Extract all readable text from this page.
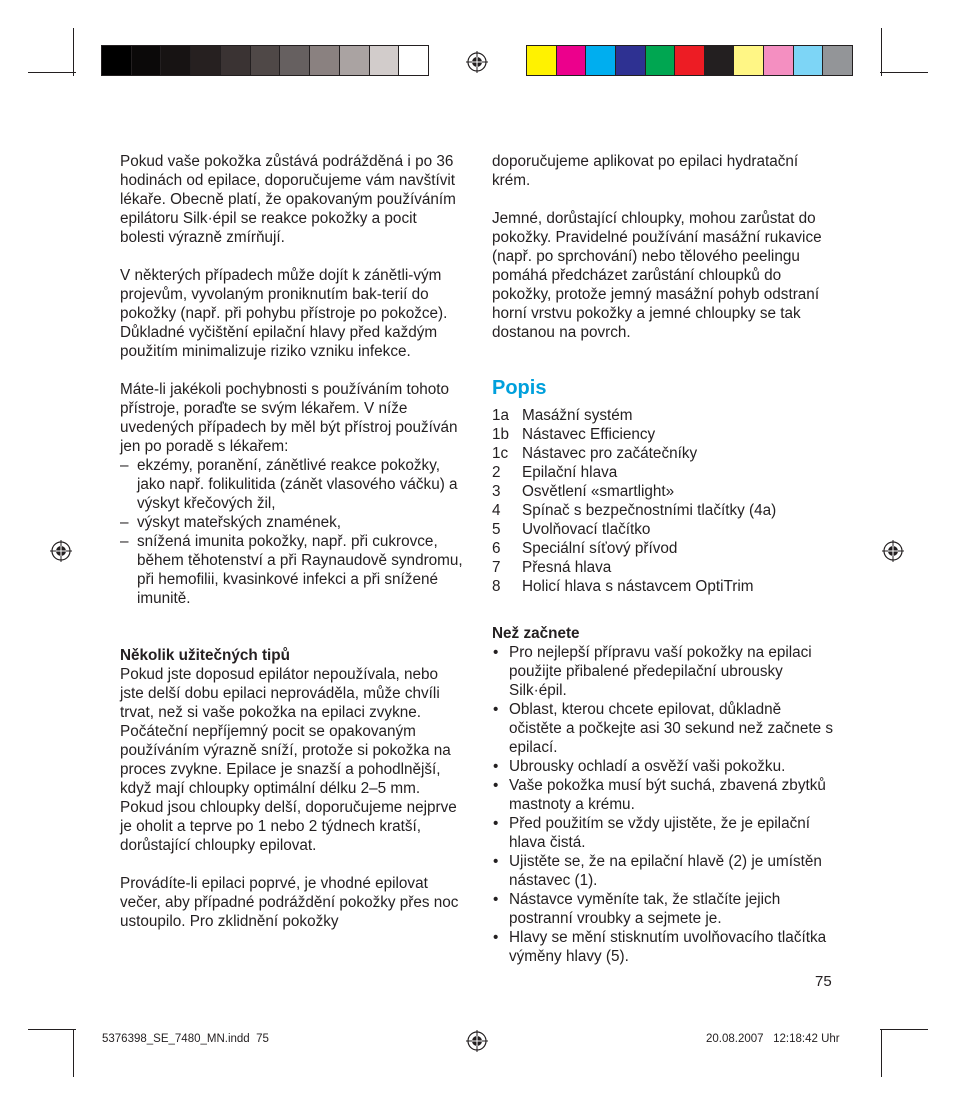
Pokud vaše pokožka zůstává podrážděná i po 36 hodinách od epilace, doporučujeme vám navštívit lékaře. Obecně platí, že opakovaným používáním epilátoru Silk·épil se reakce pokožky a pocit bolesti výrazně zmírňují.

V některých případech může dojít k zánětli-vým projevům, vyvolaným proniknutím bak-terií do pokožky (např. při pohybu přístroje po pokožce). Důkladné vyčištění epilační hlavy před každým použitím minimalizuje riziko vzniku infekce.

Máte-li jakékoli pochybnosti s používáním tohoto přístroje, poraďte se svým lékařem. V níže uvedených případech by měl být přístroj používán jen po poradě s lékařem:

– ekzémy, poranění, zánětlivé reakce pokožky, jako např. folikulitida (zánět vlasového váčku) a výskyt křečových žil,
– výskyt mateřských znamének,
– snížená imunita pokožky, např. při cukrovce, během těhotenství a při Raynaudově syndromu, při hemofilii, kvasinkové infekci a při snížené imunitě.

Několik užitečných tipů

Pokud jste doposud epilátor nepoužívala, nebo jste delší dobu epilaci neprováděla, může chvíli trvat, než si vaše pokožka na epilaci zvykne. Počáteční nepříjemný pocit se opakovaným používáním výrazně sníží, protože si pokožka na proces zvykne. Epilace je snazší a pohodlnější, když mají chloupky optimální délku 2–5 mm. Pokud jsou chloupky delší, doporučujeme nejprve je oholit a teprve po 1 nebo 2 týdnech kratší, dorůstající chloupky epilovat.

Provádíte-li epilaci poprvé, je vhodné epilovat večer, aby případné podráždění pokožky přes noc ustoupilo. Pro zklidnění pokožky

doporučujeme aplikovat po epilaci hydratační krém.

Jemné, dorůstající chloupky, mohou zarůstat do pokožky. Pravidelné používání masážní rukavice (např. po sprchování) nebo tělového peelingu pomáhá předcházet zarůstání chloupků do pokožky, protože jemný masážní pohyb odstraní horní vrstvu pokožky a jemné chloupky se tak dostanou na povrch.

Popis

1a Masážní systém
1b Nástavec Efficiency
1c Nástavec pro začátečníky
2	Epilační hlava
3	Osvětlení «smartlight»
4	Spínač s bezpečnostními tlačítky (4a)
5	Uvolňovací tlačítko
6	Speciální síťový přívod
7	Přesná hlava
8	Holicí hlava s nástavcem OptiTrim

Než začnete

• Pro nejlepší přípravu vaší pokožky na epilaci použijte přibalené předepilační ubrousky Silk·épil.
• Oblast, kterou chcete epilovat, důkladně očistěte a počkejte asi 30 sekund než začnete s epilací.
• Ubrousky ochladí a osvěží vaši pokožku.
• Vaše pokožka musí být suchá, zbavená zbytků mastnoty a krému.
• Před použitím se vždy ujistěte, že je epilační hlava čistá.
• Ujistěte se, že na epilační hlavě (2) je umístěn nástavec (1).
• Nástavce vyměníte tak, že stlačíte jejich postranní vroubky a sejmete je.
• Hlavy se mění stisknutím uvolňovacího tlačítka výměny hlavy (5).
75
5376398_SE_7480_MN.indd 75	20.08.2007   12:18:42 Uhr
